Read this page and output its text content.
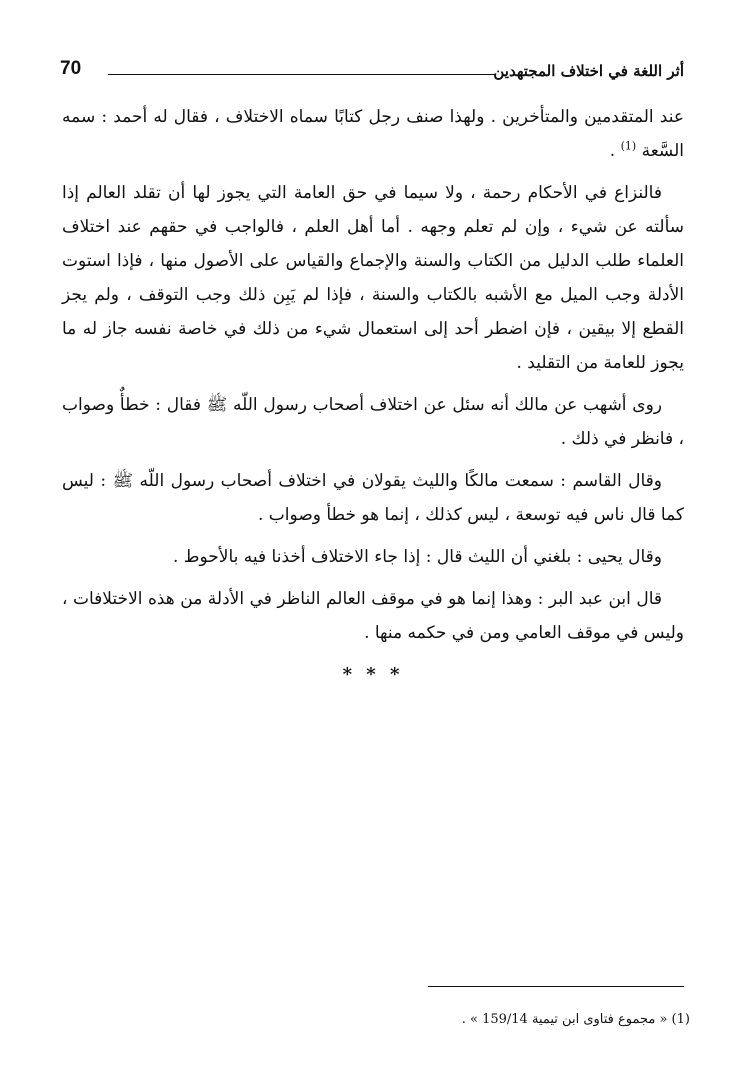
أثر اللغة في اختلاف المجتهدين
70

عند المتقدمين والمتأخرين . ولهذا صنف رجل كتابًا سماه الاختلاف ، فقال له أحمد : سمه السَّعة $^{(1)}$ .

فالنزاع في الأحكام رحمة ، ولا سيما في حق العامة التي يجوز لها أن تقلد العالم إذا سألته عن شيء ، وإن لم تعلم وجهه . أما أهل العلم ، فالواجب في حقهم عند اختلاف العلماء طلب الدليل من الكتاب والسنة والإجماع والقياس على الأصول منها ، فإذا استوت الأدلة وجب الميل مع الأشبه بالكتاب والسنة ، فإذا لم يَبِن ذلك وجب التوقف ، ولم يجز القطع إلا بيقين ، فإن اضطر أحد إلى استعمال شيء من ذلك في خاصة نفسه جاز له ما يجوز للعامة من التقليد .

روى أشهب عن مالك أنه سئل عن اختلاف أصحاب رسول اللّه ﷺ فقال : خطأٌ وصواب ، فانظر في ذلك .

وقال القاسم : سمعت مالكًا والليث يقولان في اختلاف أصحاب رسول اللّه ﷺ : ليس كما قال ناس فيه توسعة ، ليس كذلك ، إنما هو خطأ وصواب .

وقال يحيى : بلغني أن الليث قال : إذا جاء الاختلاف أخذنا فيه بالأحوط .

قال ابن عبد البر : وهذا إنما هو في موقف العالم الناظر في الأدلة من هذه الاختلافات ، وليس في موقف العامي ومن في حكمه منها .

* * *
(1) « مجموع فتاوى ابن تيمية 159/14 » .
